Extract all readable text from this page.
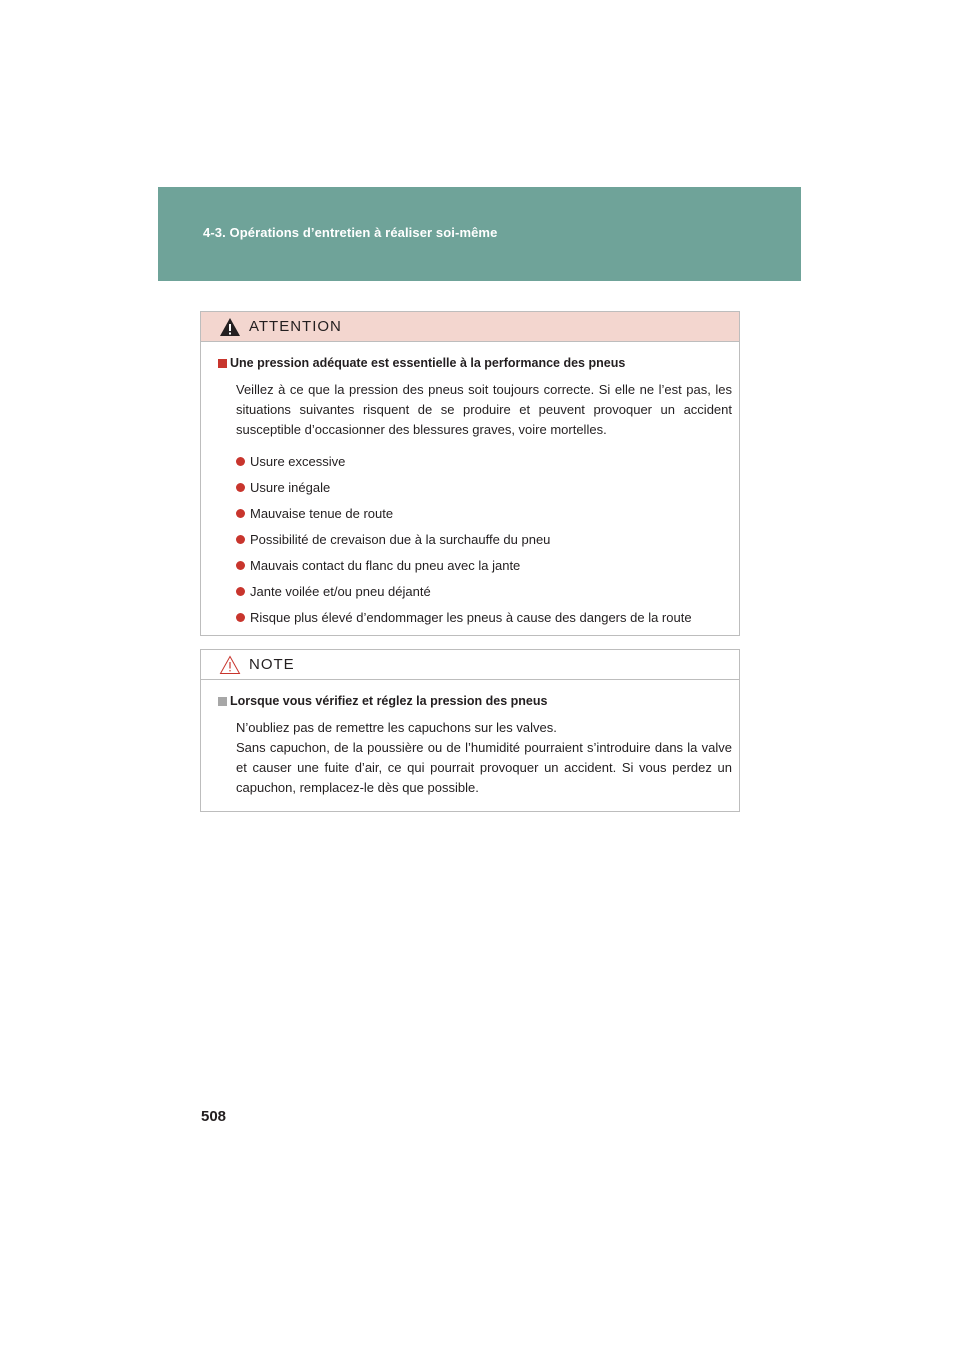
4-3. Opérations d’entretien à réaliser soi-même
ATTENTION
Une pression adéquate est essentielle à la performance des pneus

Veillez à ce que la pression des pneus soit toujours correcte. Si elle ne l’est pas, les situations suivantes risquent de se produire et peuvent provoquer un accident susceptible d’occasionner des blessures graves, voire mortelles.

Usure excessive
Usure inégale
Mauvaise tenue de route
Possibilité de crevaison due à la surchauffe du pneu
Mauvais contact du flanc du pneu avec la jante
Jante voilée et/ou pneu déjanté
Risque plus élevé d’endommager les pneus à cause des dangers de la route
NOTE
Lorsque vous vérifiez et réglez la pression des pneus

N’oubliez pas de remettre les capuchons sur les valves.
Sans capuchon, de la poussière ou de l’humidité pourraient s’introduire dans la valve et causer une fuite d’air, ce qui pourrait provoquer un accident. Si vous perdez un capuchon, remplacez-le dès que possible.

508
